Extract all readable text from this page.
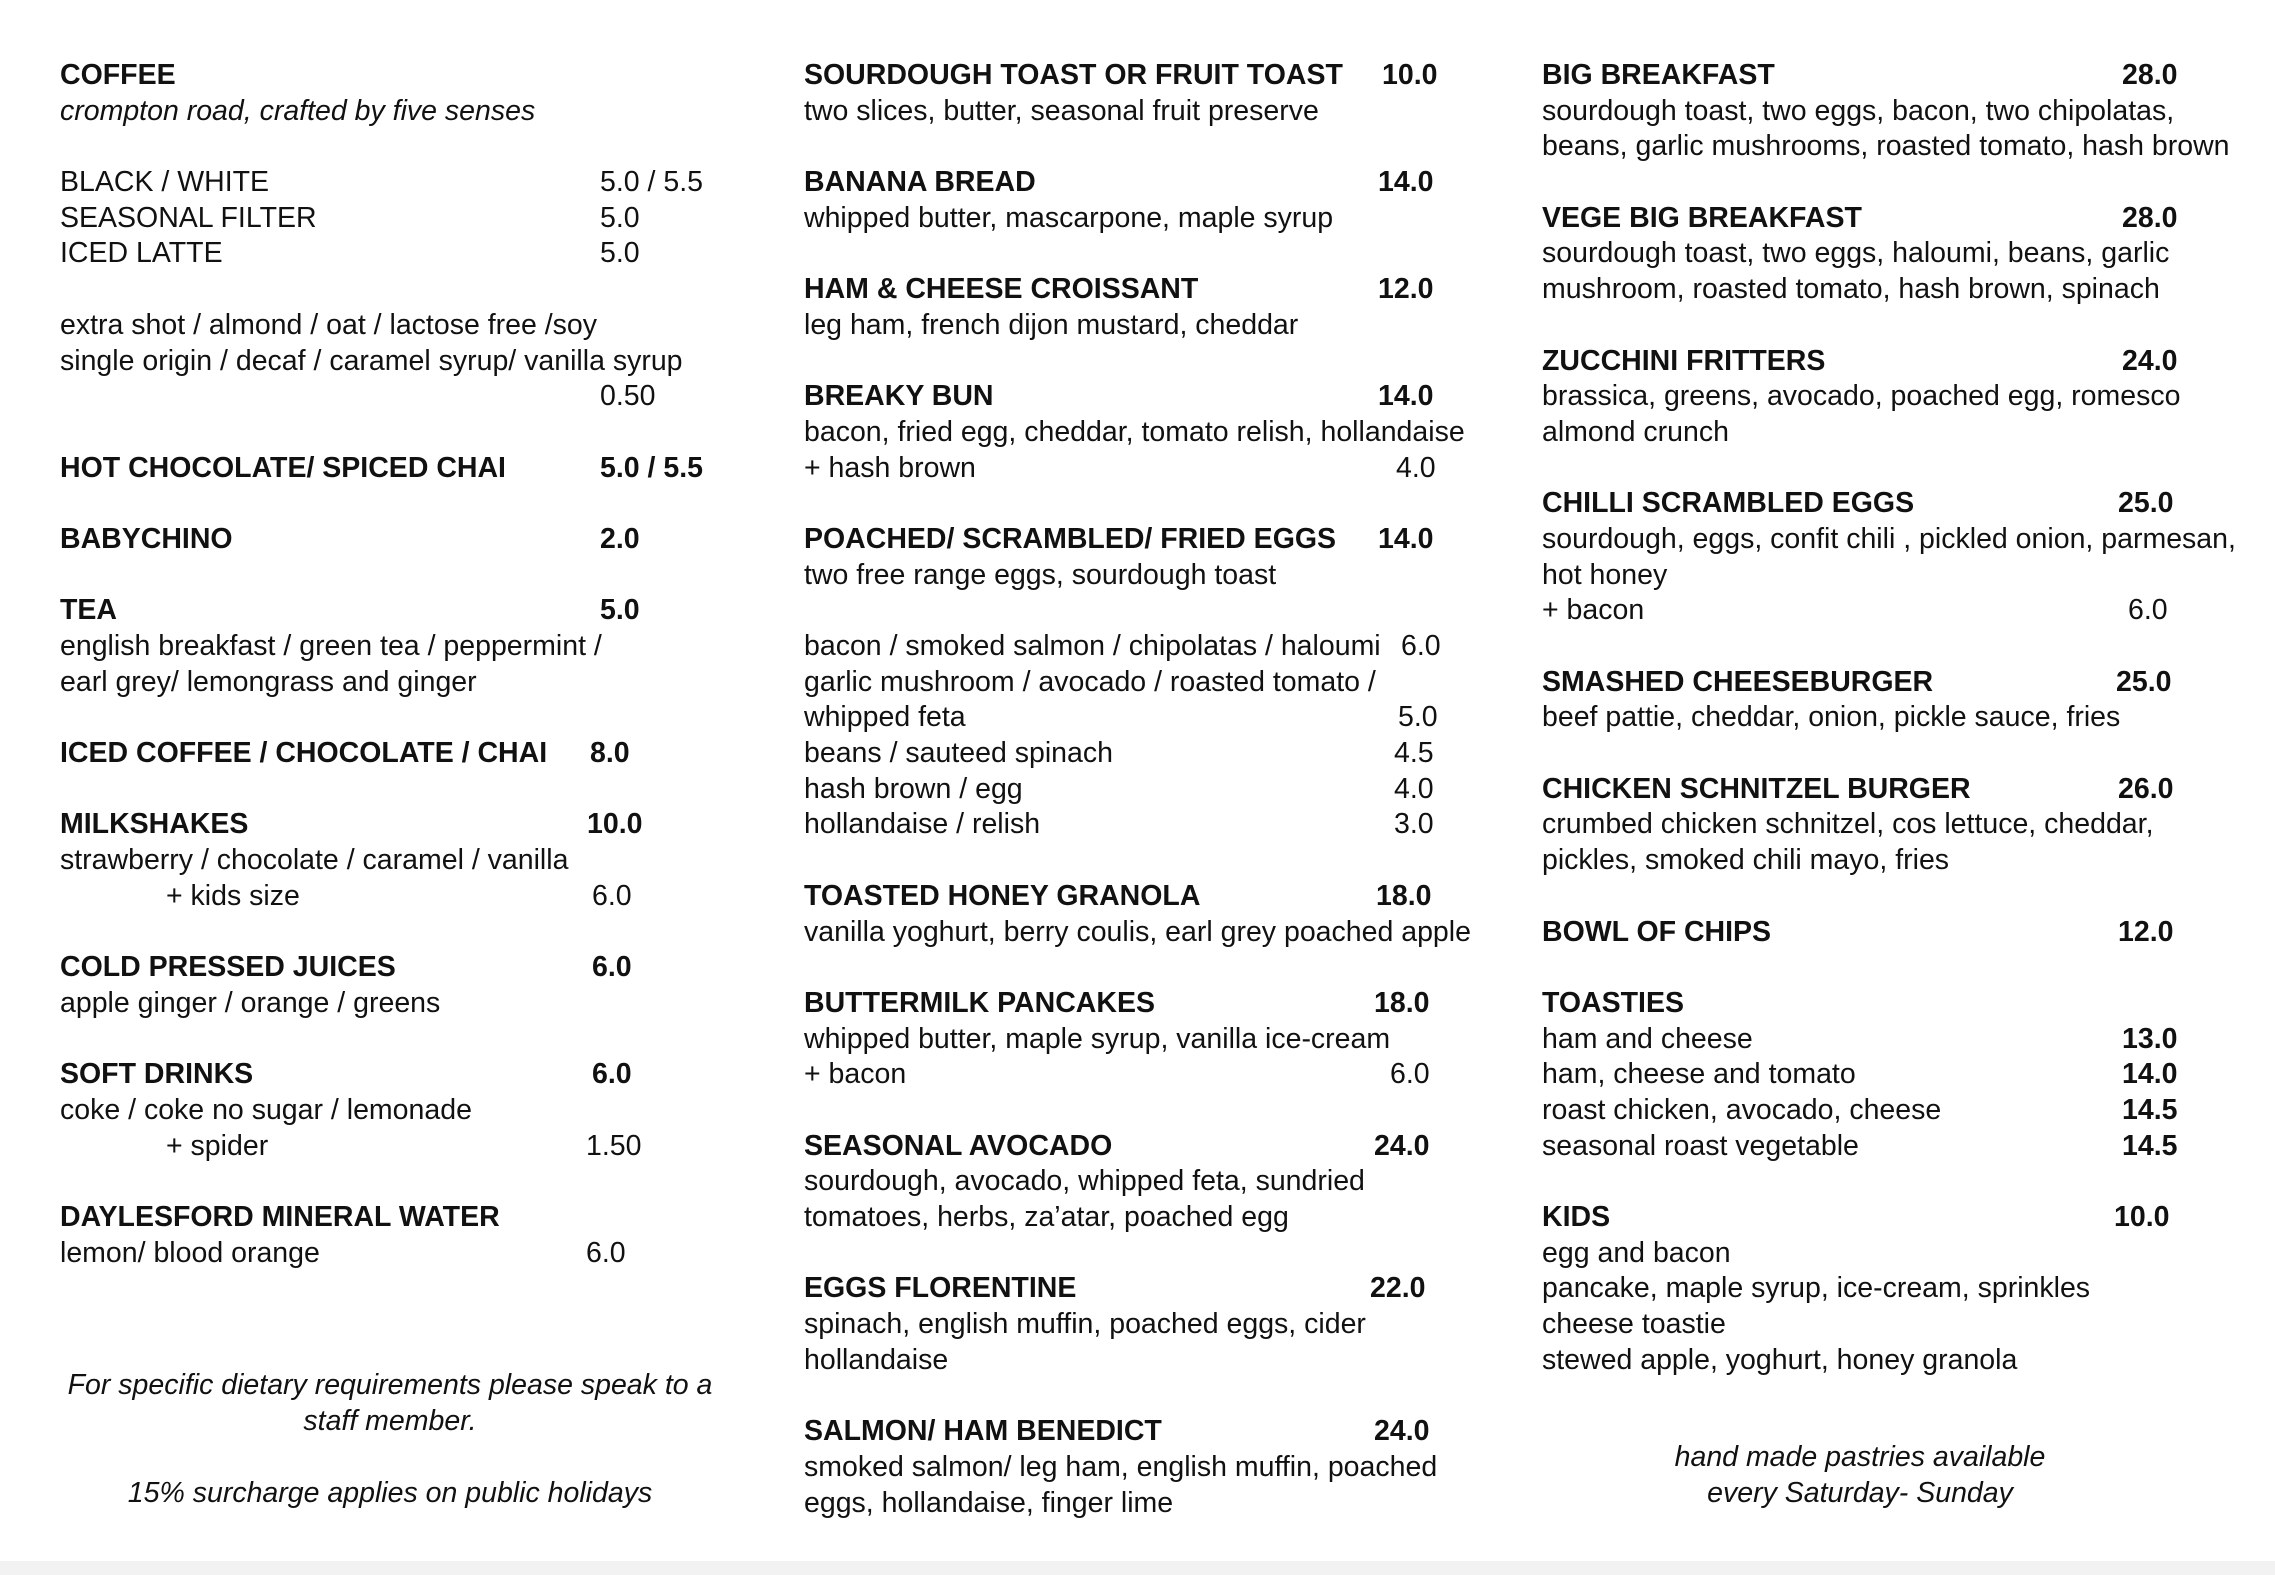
COFFEE
crompton road, crafted by five senses
BLACK / WHITE	5.0 / 5.5
SEASONAL FILTER	5.0
ICED LATTE	5.0
extra shot / almond / oat / lactose free /soy
single origin / decaf / caramel syrup/ vanilla syrup
0.50
HOT CHOCOLATE/ SPICED CHAI	5.0 / 5.5
BABYCHINO	2.0
TEA	5.0
english breakfast / green tea / peppermint /
earl grey/ lemongrass and ginger
ICED COFFEE / CHOCOLATE / CHAI 8.0
MILKSHAKES	10.0
strawberry / chocolate / caramel / vanilla
+ kids size	6.0
COLD PRESSED JUICES	6.0
apple ginger / orange / greens
SOFT DRINKS	6.0
coke / coke no sugar / lemonade
+ spider	1.50
DAYLESFORD MINERAL WATER
lemon/ blood orange	6.0
For specific dietary requirements please speak to a staff member.
15% surcharge applies on public holidays
SOURDOUGH TOAST OR FRUIT TOAST 10.0
two slices, butter, seasonal fruit preserve
BANANA BREAD	14.0
whipped butter, mascarpone, maple syrup
HAM & CHEESE CROISSANT	12.0
leg ham, french dijon mustard, cheddar
BREAKY BUN	14.0
bacon, fried egg, cheddar, tomato relish, hollandaise
+ hash brown	4.0
POACHED/ SCRAMBLED/ FRIED EGGS 14.0
two free range eggs, sourdough toast
bacon / smoked salmon / chipolatas / haloumi 6.0
garlic mushroom / avocado / roasted tomato /
whipped feta	5.0
beans / sauteed spinach	4.5
hash brown / egg	4.0
hollandaise / relish	3.0
TOASTED HONEY GRANOLA	18.0
vanilla yoghurt, berry coulis, earl grey poached apple
BUTTERMILK PANCAKES	18.0
whipped butter, maple syrup, vanilla ice-cream
+ bacon	6.0
SEASONAL AVOCADO	24.0
sourdough, avocado, whipped feta, sundried
tomatoes, herbs, za’atar, poached egg
EGGS FLORENTINE	22.0
spinach, english muffin, poached eggs, cider
hollandaise
SALMON/ HAM BENEDICT	24.0
smoked salmon/ leg ham, english muffin, poached
eggs, hollandaise, finger lime
BIG BREAKFAST	28.0
sourdough toast, two eggs, bacon, two chipolatas,
beans, garlic mushrooms, roasted tomato, hash brown
VEGE BIG BREAKFAST	28.0
sourdough toast, two eggs, haloumi, beans, garlic
mushroom, roasted tomato, hash brown, spinach
ZUCCHINI FRITTERS	24.0
brassica, greens, avocado, poached egg, romesco
almond crunch
CHILLI SCRAMBLED EGGS	25.0
sourdough, eggs, confit chili , pickled onion, parmesan,
hot honey
+ bacon	6.0
SMASHED CHEESEBURGER	25.0
beef pattie, cheddar, onion, pickle sauce, fries
CHICKEN SCHNITZEL BURGER	26.0
crumbed chicken schnitzel, cos lettuce, cheddar,
pickles, smoked chili mayo, fries
BOWL OF CHIPS	12.0
TOASTIES
ham and cheese	13.0
ham, cheese and tomato	14.0
roast chicken, avocado, cheese	14.5
seasonal roast vegetable	14.5
KIDS	10.0
egg and bacon
pancake, maple syrup, ice-cream, sprinkles
cheese toastie
stewed apple, yoghurt, honey granola
hand made pastries available
every Saturday- Sunday
